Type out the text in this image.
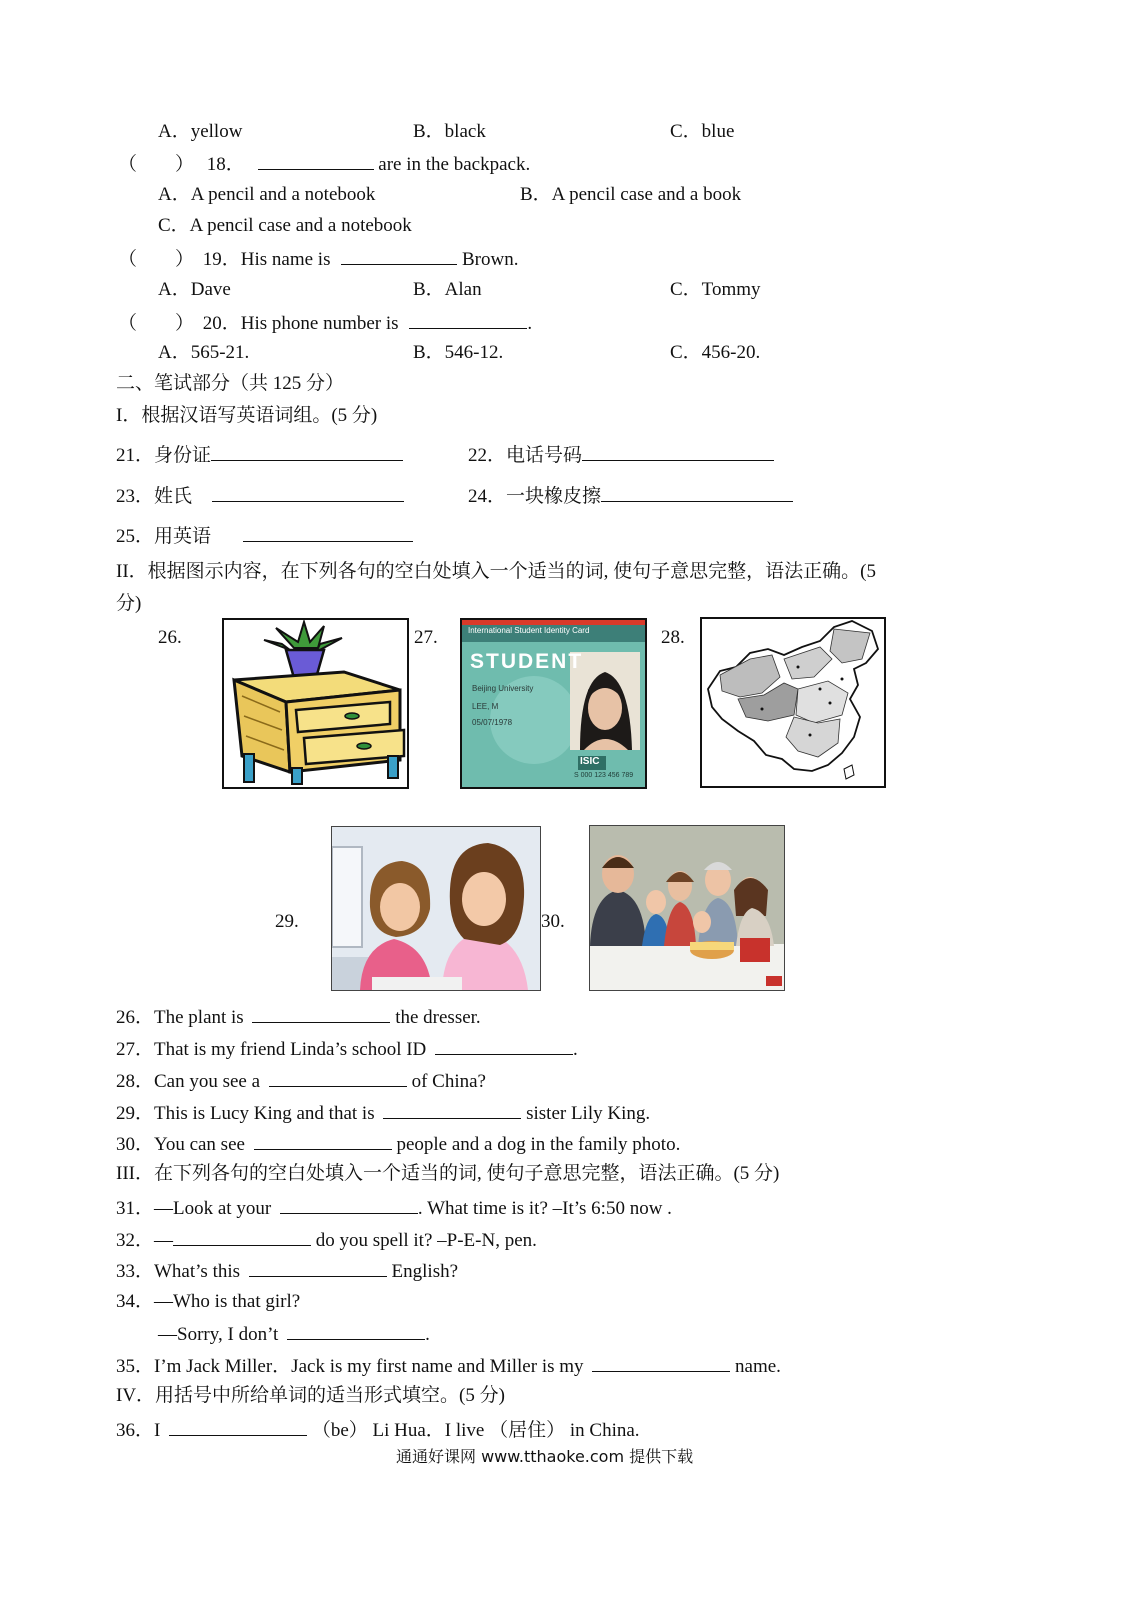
A．yellow	B．black	C．blue
（　　） 18．	are in the backpack.
A．A pencil and a notebook	B．A pencil case and a book
C．A pencil case and a notebook
（　　） 19．His name is	Brown.
A．Dave	B．Alan	C．Tommy
（　　） 20．His phone number is	.
A．565-21.	B．546-12.	C．456-20.
二、笔试部分（共 125 分）
I．根据汉语写英语词组。(5 分)
21．身份证	22．电话号码
23．姓氏	24．一块橡皮擦
25．用英语
II．根据图示内容，在下列各句的空白处填入一个适当的词, 使句子意思完整，语法正确。(5
分)
26.	27.	International Student Identity Card
STUDENT
Beijing University
LEE, M
05/07/1978
ISIC
S 000 123 456 789
28.
29.	30.
26．The plant is	the dresser.
27．That is my friend Linda’s school ID	.
28．Can you see a	of China?
29．This is Lucy King and that is	sister Lily King.
30．You can see	people and a dog in the family photo.
III．在下列各句的空白处填入一个适当的词, 使句子意思完整，语法正确。(5 分)
31．—Look at your	. What time is it? –It’s 6:50 now .
32．—	do you spell it? –P-E-N, pen.
33．What’s this	English?
34．—Who is that girl?
—Sorry, I don’t	.
35．I’m Jack Miller．Jack is my first name and Miller is my	name.
IV．用括号中所给单词的适当形式填空。(5 分)
36．I	（be） Li Hua．I live （居住） in China.
通通好课网 www.tthaoke.com 提供下载
